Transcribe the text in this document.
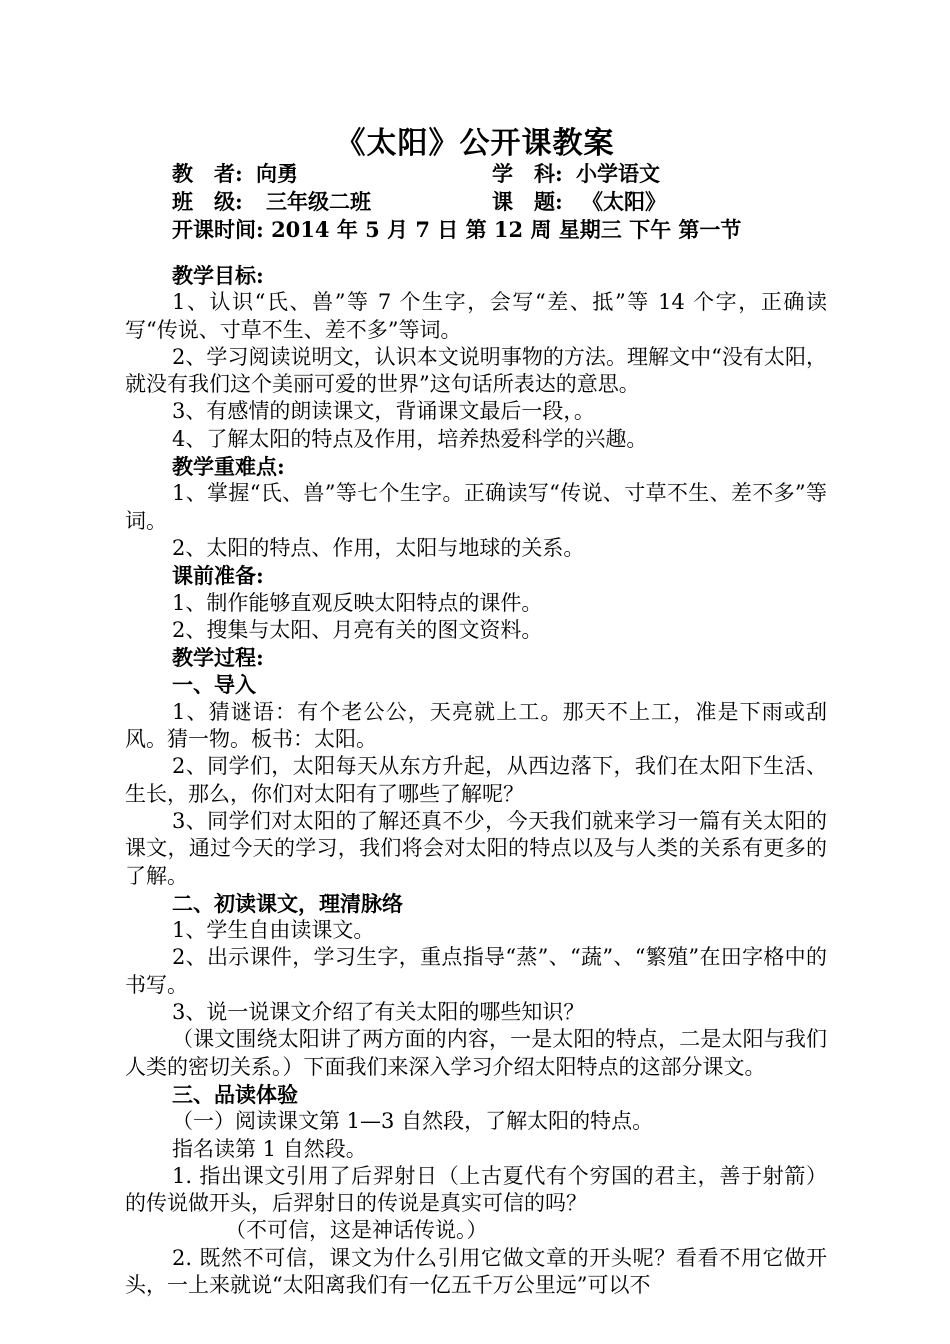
《太阳》公开课教案
教　者: 向勇	学　科: 小学语文
班　级: 三年级二班	课　题: 《太阳》
开课时间: 2014 年 5 月 7 日 第 12 周 星期三 下午 第一节

教学目标:

1、认识“氏、兽”等 7 个生字，会写“差、抵”等 14 个字，正确读写“传说、寸草不生、差不多”等词。

2、学习阅读说明文，认识本文说明事物的方法。理解文中“没有太阳，就没有我们这个美丽可爱的世界”这句话所表达的意思。

3、有感情的朗读课文，背诵课文最后一段，。

4、了解太阳的特点及作用，培养热爱科学的兴趣。

教学重难点:

1、掌握“氏、兽”等七个生字。正确读写“传说、寸草不生、差不多”等词。

2、太阳的特点、作用，太阳与地球的关系。

课前准备:

1、制作能够直观反映太阳特点的课件。

2、搜集与太阳、月亮有关的图文资料。

教学过程:

一、导入

1、猜谜语：有个老公公，天亮就上工。那天不上工，准是下雨或刮风。猜一物。板书：太阳。

2、同学们，太阳每天从东方升起，从西边落下，我们在太阳下生活、生长，那么，你们对太阳有了哪些了解呢？

3、同学们对太阳的了解还真不少，今天我们就来学习一篇有关太阳的课文，通过今天的学习，我们将会对太阳的特点以及与人类的关系有更多的了解。

二、初读课文，理清脉络

1、学生自由读课文。

2、出示课件，学习生字，重点指导“蒸”、“蔬”、“繁殖”在田字格中的书写。

3、说一说课文介绍了有关太阳的哪些知识？

（课文围绕太阳讲了两方面的内容，一是太阳的特点，二是太阳与我们人类的密切关系。）下面我们来深入学习介绍太阳特点的这部分课文。

三、品读体验

（一）阅读课文第 1—3 自然段，了解太阳的特点。

指名读第 1 自然段。

1. 指出课文引用了后羿射日（上古夏代有个穷国的君主，善于射箭）的传说做开头，后羿射日的传说是真实可信的吗？

（不可信，这是神话传说。）

2. 既然不可信，课文为什么引用它做文章的开头呢？看看不用它做开头，一上来就说“太阳离我们有一亿五千万公里远”可以不
